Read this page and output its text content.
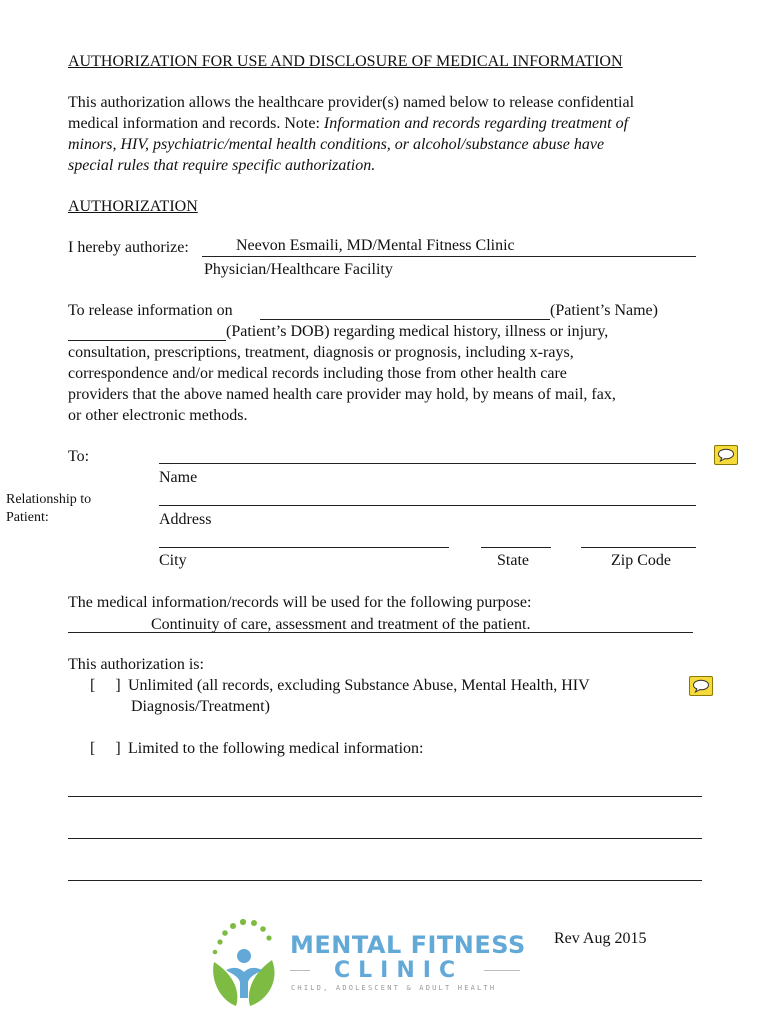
AUTHORIZATION FOR USE AND DISCLOSURE OF MEDICAL INFORMATION
This authorization allows the healthcare provider(s) named below to release confidential
medical information and records. Note: Information and records regarding treatment of
minors, HIV, psychiatric/mental health conditions, or alcohol/substance abuse have
special rules that require specific authorization.
AUTHORIZATION
I hereby authorize:	Neevon Esmaili, MD/Mental Fitness Clinic
Physician/Healthcare Facility
To release information on	(Patient’s Name)
(Patient’s DOB) regarding medical history, illness or injury,
consultation, prescriptions, treatment, diagnosis or prognosis, including x-rays,
correspondence and/or medical records including those from other health care
providers that the above named health care provider may hold, by means of mail, fax,
or other electronic methods.
To:
Name
Relationship to
Patient:	Address
City	State	Zip Code
The medical information/records will be used for the following purpose:
Continuity of care, assessment and treatment of the patient.
This authorization is:
[     ] Unlimited (all records, excluding Substance Abuse, Mental Health, HIV
Diagnosis/Treatment)
[     ] Limited to the following medical information:
MENTAL FITNESS
CLINIC
CHILD, ADOLESCENT & ADULT HEALTH
Rev Aug 2015
